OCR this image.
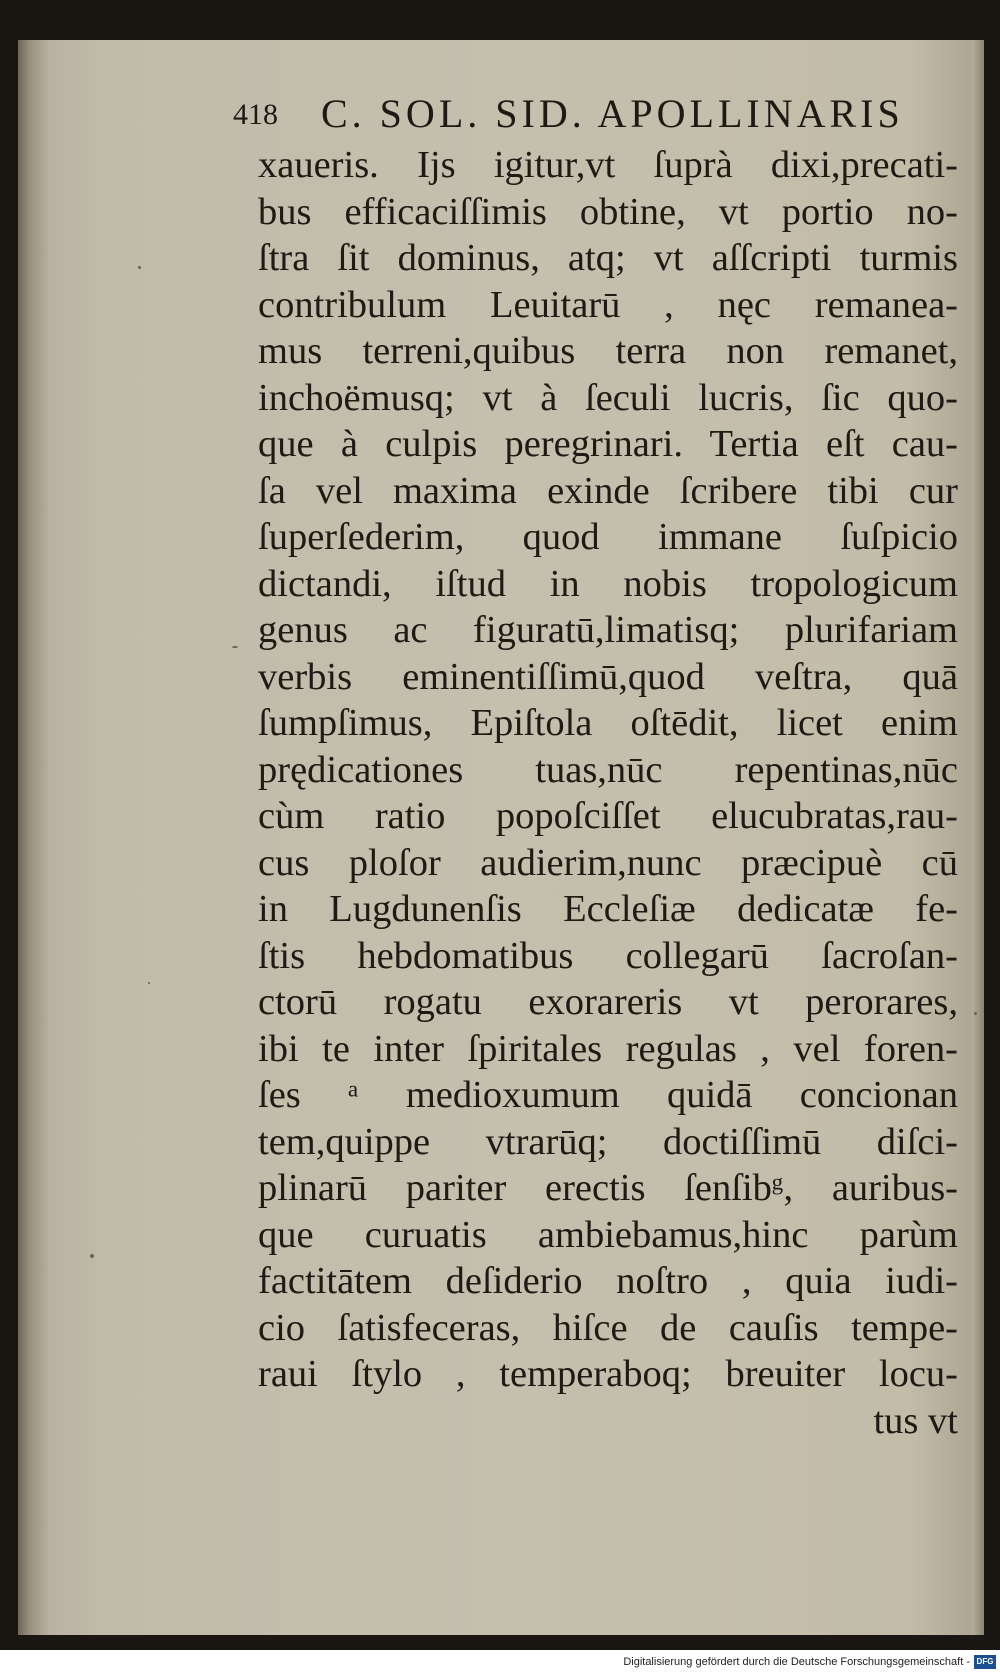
418 C. SOL. SID. APOLLINARIS
xaueris. Ijs igitur,vt ſuprà dixi,precati-
bus efficaciſſimis obtine, vt portio no-
ſtra ſit dominus, atq; vt aſſcripti turmis
contribulum Leuitarū , nęc remanea-
mus terreni,quibus terra non remanet,
inchoëmusq; vt à ſeculi lucris, ſic quo-
que à culpis peregrinari. Tertia eſt cau-
ſa vel maxima exinde ſcribere tibi cur
ſuperſederim, quod immane ſuſpicio
dictandi, iſtud in nobis tropologicum
genus ac figuratū,limatisq; plurifariam
verbis eminentiſſimū,quod veſtra, quā
ſumpſimus, Epiſtola oſtēdit, licet enim
prędicationes tuas,nūc repentinas,nūc
cùm ratio popoſciſſet elucubratas,rau-
cus ploſor audierim,nunc præcipuè cū
in Lugdunenſis Eccleſiæ dedicatæ fe-
ſtis hebdomatibus collegarū ſacroſan-
ctorū rogatu exorareris vt perorares,
ibi te inter ſpiritales regulas , vel foren-
ſes ᵃ medioxumum quidā concionan
tem,quippe vtrarūq; doctiſſimū diſci-
plinarū pariter erectis ſenſibᵍ, auribus-
que curuatis ambiebamus,hinc parùm
factitātem deſiderio noſtro , quia iudi-
cio ſatisfeceras, hiſce de cauſis tempe-
raui ſtylo , temperaboq; breuiter locu-
tus vt
Digitalisierung gefördert durch die Deutsche Forschungsgemeinschaft - DFG
